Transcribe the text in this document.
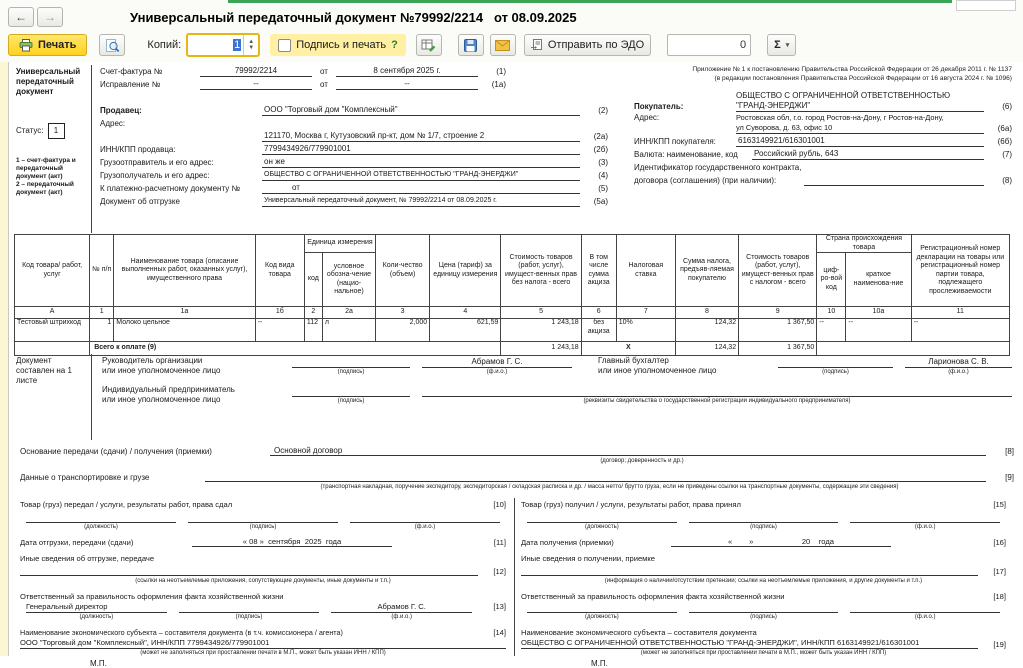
←	→	Универсальный передаточный документ №79992/2214   от 08.09.2025
Печать	Копий:	1	▲
▼	Подпись и печать ?	Отправить по ЭДО	0	Σ ▾
Универсальный передаточный документ
Статус:	1
1 – счет-фактура и передаточный документ (акт)
2 – передаточный документ (акт)
Счет-фактура №	79992/2214	от	8 сентября 2025 г.	(1)
Исправление №	--	от	--	(1а)
Продавец:	ООО "Торговый дом "Комплексный"	(2)
Адрес:
121170, Москва г, Кутузовский пр-кт, дом № 1/7, строение 2	(2а)
ИНН/КПП продавца:	7799434926/779901001	(2б)
Грузоотправитель и его адрес:	он же	(3)
Грузополучатель и его адрес:	ОБЩЕСТВО С ОГРАНИЧЕННОЙ ОТВЕТСТВЕННОСТЬЮ "ГРАНД-ЭНЕРДЖИ"	(4)
К платежно-расчетному документу №	от	(5)
Документ об отгрузке	Универсальный передаточный документ, № 79992/2214 от 08.09.2025 г.	(5а)
Приложение № 1 к постановлению Правительства Российской Федерации от 26 декабря 2011 г. № 1137
(в редакции постановления Правительства Российской Федерации от 16 августа 2024 г. № 1096)
Покупатель:
ОБЩЕСТВО С ОГРАНИЧЕННОЙ ОТВЕТСТВЕННОСТЬЮ
"ГРАНД-ЭНЕРДЖИ"	(6)
Адрес:	Ростовская обл, г.о. город Ростов-на-Дону, г Ростов-на-Дону,
ул Суворова, д. 63, офис 10	(6а)
ИНН/КПП покупателя:	6163149921/616301001	(6б)
Валюта: наименование, код	Российский рубль, 643	(7)
Идентификатор государственного контракта,
договора (соглашения) (при наличии):	(8)
Код товара/ работ, услуг	№ п/п	Наименование товара (описание выполненных работ, оказанных услуг), имущественного права	Код вида товара	Единица измерения		Коли-чество (объем)	Цена (тариф) за единицу измерения	Стоимость товаров (работ, услуг), имущест-венных прав без налога - всего	В том числе сумма акциза	Налоговая ставка	Сумма налога, предъяв-ляемая покупателю	Стоимость товаров (работ, услуг), имущест-венных прав с налогом - всего	Страна происхождения товара		Регистрационный номер декларации на товары или регистрационный номер партии товара, подлежащего прослеживаемости
				код	условное обозна-чение (нацио-нальное)								циф-ро-вой код	краткое наименова-ние	
А	1	1а	1б	2	2а	3	4	5	6	7	8	9	10	10а	11
Тестовый штрихкод	1	Молоко цельное	--	112	л	2,000	621,59	1 243,18	без акциза	10%	124,32	1 367,50	--	--	--
	Всего к оплате (9)							1 243,18	X		124,32	1 367,50			
Документ составлен на 1 листе
Руководитель организации
или иное уполномоченное лицо	(подпись)
Абрамов Г. С.
(ф.и.о.)
Главный бухгалтер
или иное уполномоченное лицо	(подпись)
Ларионова С. В.
(ф.и.о.)
Индивидуальный предприниматель
или иное уполномоченное лицо	(подпись)	(реквизиты свидетельства о государственной регистрации индивидуального предпринимателя)
Основание передачи (сдачи) / получения (приемки)	Основной договор	[8]
(договор; доверенность и др.)
Данные о транспортировке и грузе	[9]
(транспортная накладная, поручение экспедитору, экспедиторская / складская расписка и др. / масса нетто/ брутто груза, если не приведены ссылки на транспортные документы, содержащие эти сведения)
Товар (груз) передал / услуги, результаты работ, права сдал	[10]
(должность)	(подпись)	(ф.и.о.)
Дата отгрузки, передачи (сдачи)	« 08 »  сентября  2025  года	[11]
Иные сведения об отгрузке, передаче
[12]
(ссылки на неотъемлемые приложения, сопутствующие документы, иные документы и т.п.)
Ответственный за правильность оформления факта хозяйственной жизни
Генеральный директор
(должность)	(подпись)
Абрамов Г. С.
(ф.и.о.)
[13]
Наименование экономического субъекта – составителя документа (в т.ч. комиссионера / агента)	[14]
ООО "Торговый дом "Комплексный", ИНН/КПП 7799434926/779901001
(может не заполняться при проставлении печати в М.П., может быть указан ИНН / КПП)
М.П.
Товар (груз) получил / услуги, результаты работ, права принял	[15]
(должность)	(подпись)	(ф.и.о.)
Дата получения (приемки)	«        »                       20    года	[16]
Иные сведения о получении, приемке
[17]
(информация о наличии/отсутствии претензии; ссылки на неотъемлемые приложения, и другие документы и т.п.)
Ответственный за правильность оформления факта хозяйственной жизни	[18]
(должность)	(подпись)	(ф.и.о.)
Наименование экономического субъекта – составителя документа
ОБЩЕСТВО С ОГРАНИЧЕННОЙ ОТВЕТСТВЕННОСТЬЮ "ГРАНД-ЭНЕРДЖИ", ИНН/КПП 6163149921/616301001	[19]
(может не заполняться при проставлении печати в М.П., может быть указан ИНН / КПП)
М.П.
